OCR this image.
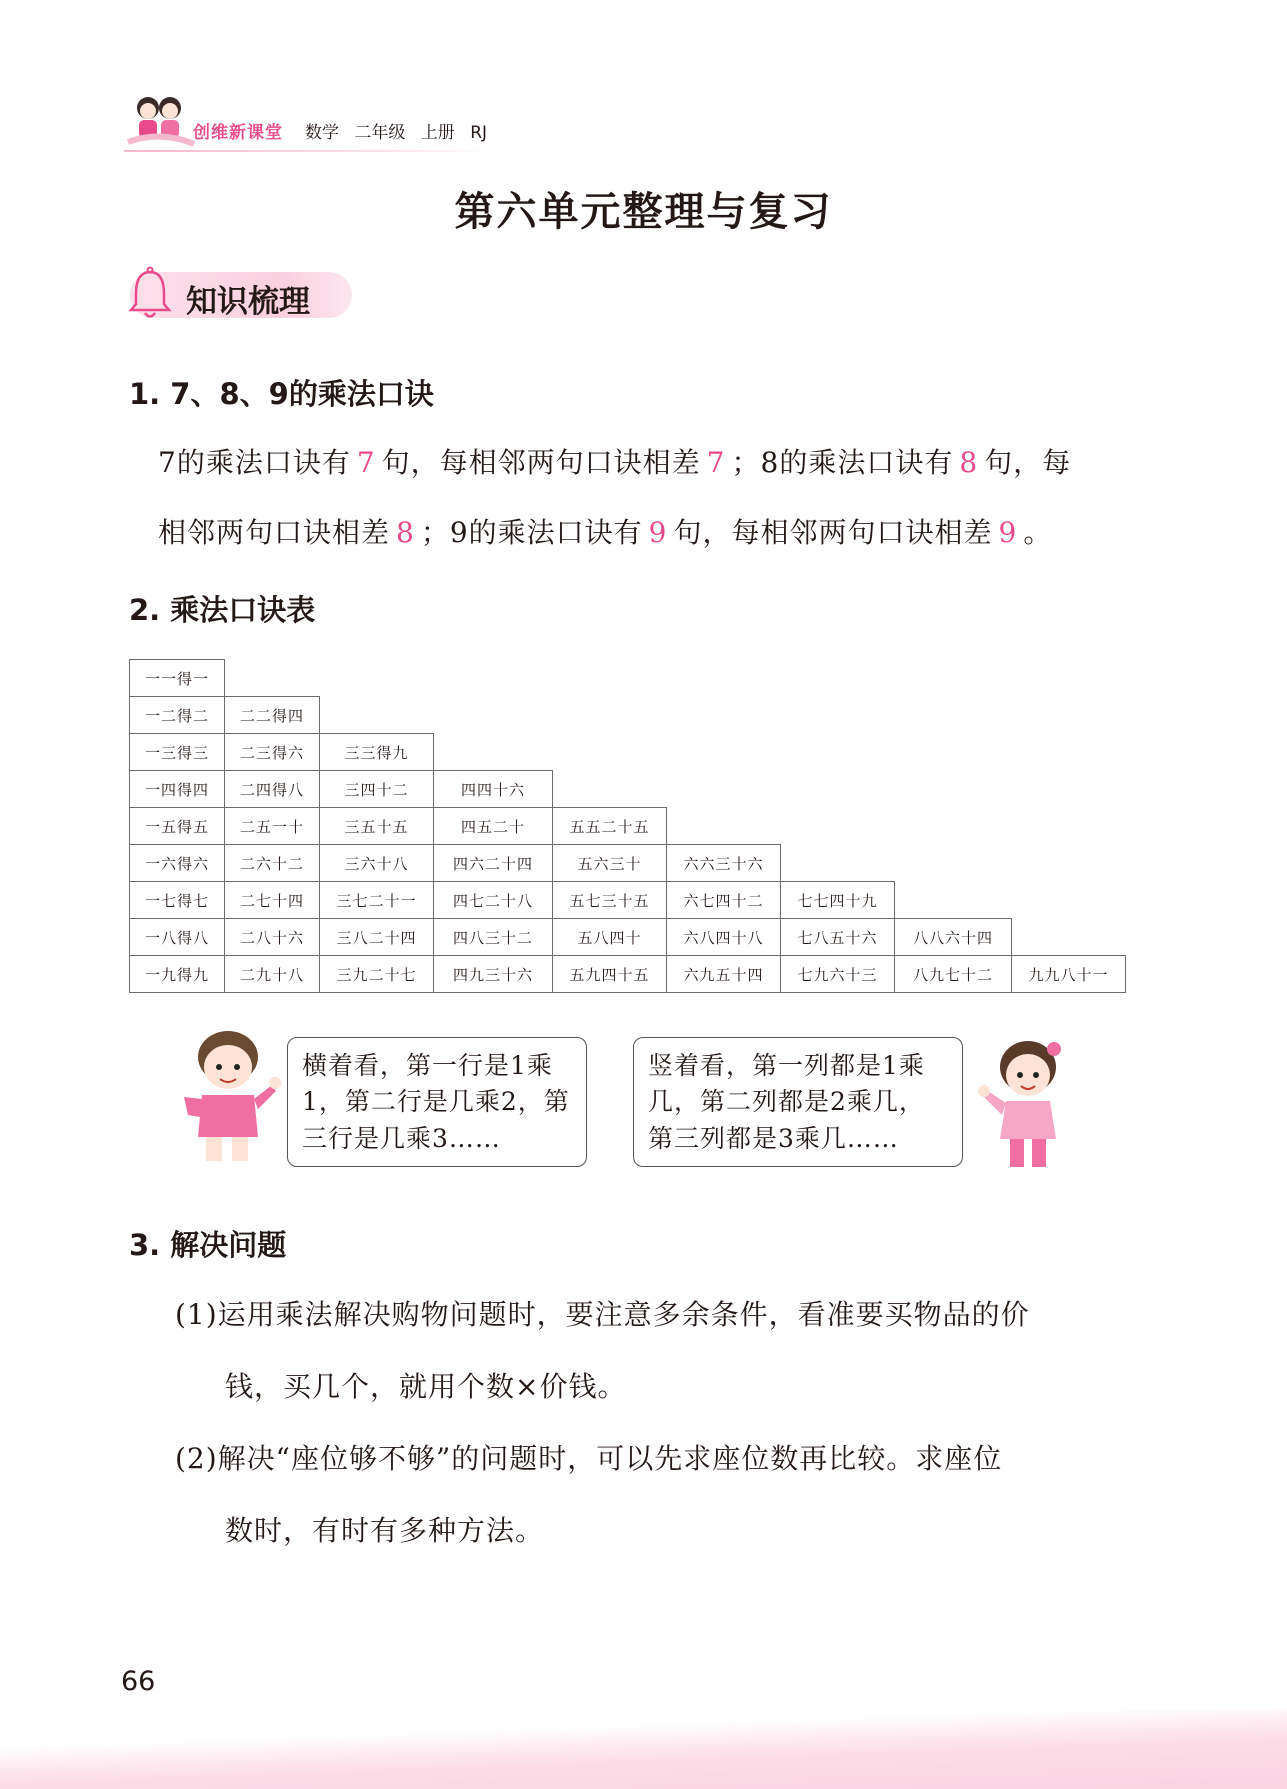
创维新课堂 数学 二年级 上册 RJ
第六单元整理与复习
知识梳理
1. 7、8、9的乘法口诀
7的乘法口诀有 7 句，每相邻两句口诀相差 7 ；8的乘法口诀有 8 句，每
相邻两句口诀相差 8 ；9的乘法口诀有 9 句，每相邻两句口诀相差 9 。
2. 乘法口诀表
一一得一
一二得二	二二得四
一三得三	二三得六	三三得九
一四得四	二四得八	三四十二	四四十六
一五得五	二五一十	三五十五	四五二十	五五二十五
一六得六	二六十二	三六十八	四六二十四	五六三十	六六三十六
一七得七	二七十四	三七二十一	四七二十八	五七三十五	六七四十二	七七四十九
一八得八	二八十六	三八二十四	四八三十二	五八四十	六八四十八	七八五十六	八八六十四
一九得九	二九十八	三九二十七	四九三十六	五九四十五	六九五十四	七九六十三	八九七十二	九九八十一
横着看，第一行是1乘
1，第二行是几乘2，第
三行是几乘3……
竖着看，第一列都是1乘
几，第二列都是2乘几，
第三列都是3乘几……
3. 解决问题
(1)运用乘法解决购物问题时，要注意多余条件，看准要买物品的价
钱，买几个，就用个数×价钱。
(2)解决“座位够不够”的问题时，可以先求座位数再比较。求座位
数时，有时有多种方法。
66
